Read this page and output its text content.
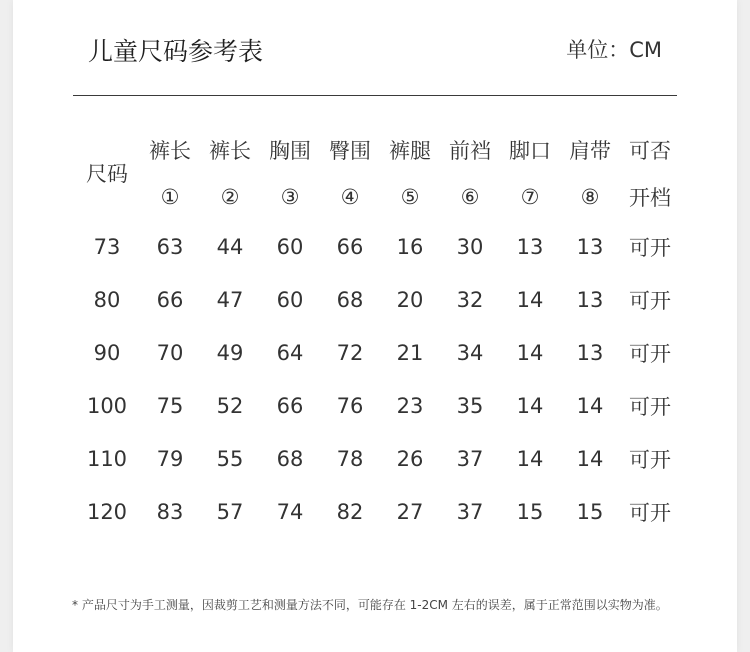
儿童尺码参考表	单位：CM
尺码	裤长	裤长	胸围	臀围	裤腿	前裆	脚口	肩带	可否
	①	②	③	④	⑤	⑥	⑦	⑧	开档
73	63	44	60	66	16	30	13	13	可开
80	66	47	60	68	20	32	14	13	可开
90	70	49	64	72	21	34	14	13	可开
100	75	52	66	76	23	35	14	14	可开
110	79	55	68	78	26	37	14	14	可开
120	83	57	74	82	27	37	15	15	可开
* 产品尺寸为手工测量，因裁剪工艺和测量方法不同，可能存在 1-2CM 左右的误差，属于正常范围以实物为准。
